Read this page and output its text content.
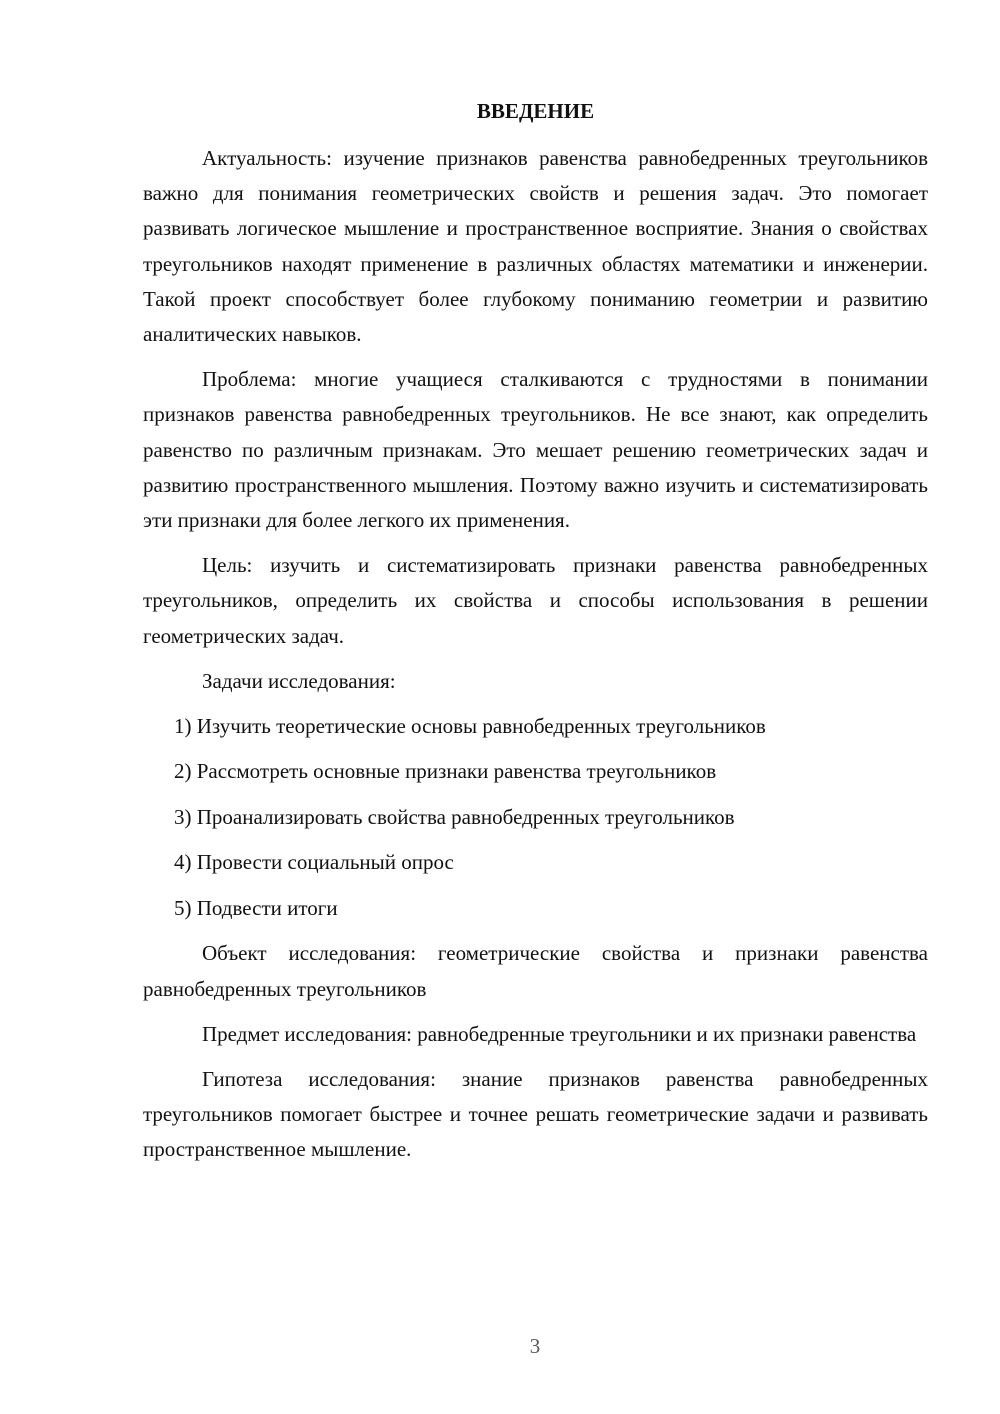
ВВЕДЕНИЕ

Актуальность: изучение признаков равенства равнобедренных треугольников важно для понимания геометрических свойств и решения задач. Это помогает развивать логическое мышление и пространственное восприятие. Знания о свойствах треугольников находят применение в различных областях математики и инженерии. Такой проект способствует более глубокому пониманию геометрии и развитию аналитических навыков.

Проблема: многие учащиеся сталкиваются с трудностями в понимании признаков равенства равнобедренных треугольников. Не все знают, как определить равенство по различным признакам. Это мешает решению геометрических задач и развитию пространственного мышления. Поэтому важно изучить и систематизировать эти признаки для более легкого их применения.

Цель: изучить и систематизировать признаки равенства равнобедренных треугольников, определить их свойства и способы использования в решении геометрических задач.

Задачи исследования:

1) Изучить теоретические основы равнобедренных треугольников
2) Рассмотреть основные признаки равенства треугольников
3) Проанализировать свойства равнобедренных треугольников
4) Провести социальный опрос
5) Подвести итоги

Объект исследования: геометрические свойства и признаки равенства равнобедренных треугольников

Предмет исследования: равнобедренные треугольники и их признаки равенства

Гипотеза исследования: знание признаков равенства равнобедренных треугольников помогает быстрее и точнее решать геометрические задачи и развивать пространственное мышление.

3
